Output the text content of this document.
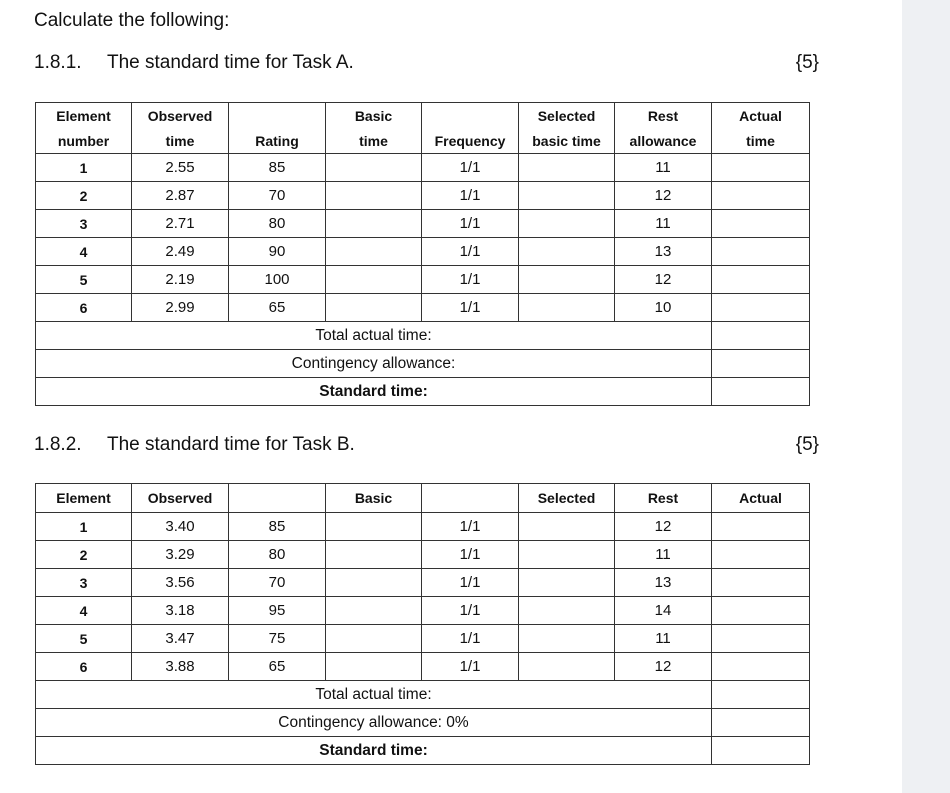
Calculate the following:
1.8.1. The standard time for Task A.	{5}
Element	Observed		Basic		Selected	Rest	Actual
number	time	Rating	time	Frequency	basic time	allowance	time
1	2.55	85		1/1		11	
2	2.87	70		1/1		12	
3	2.71	80		1/1		11	
4	2.49	90		1/1		13	
5	2.19	100		1/1		12	
6	2.99	65		1/1		10	
Total actual time:							
Contingency allowance:							
Standard time:							
1.8.2. The standard time for Task B.	{5}
Element	Observed		Basic		Selected	Rest	Actual
1	3.40	85		1/1		12	
2	3.29	80		1/1		11	
3	3.56	70		1/1		13	
4	3.18	95		1/1		14	
5	3.47	75		1/1		11	
6	3.88	65		1/1		12	
Total actual time:							
Contingency allowance: 0%							
Standard time:							
